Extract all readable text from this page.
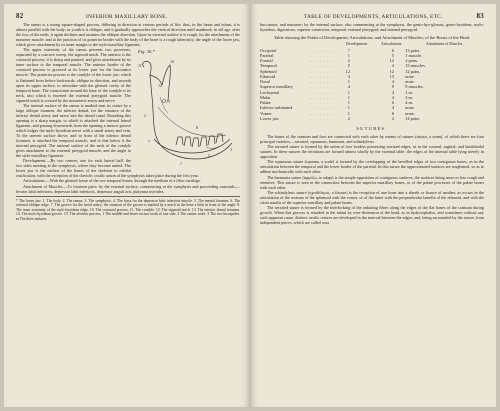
82	INFERIOR MAXILLARY BONE.

The ramus is a strong square-shaped process, differing in direction at various periods of life; thus, in the fœtus and infant, it is almost parallel with the body; in youth it is oblique, and it gradually approaches the vertical direction until manhood; in old age, after the loss of the teeth, it again declines and assumes the oblique direction. Upon its external surface it is rough, for the attachment of the masseter muscle; and at the junction of its posterior border with the body of the bone is a rough tuberosity, the angle of the lower jaw, which gives attachment by its inner margin to the stylo-maxillary ligament.

Fig. 36.*
11
10
12
13
2
7
1
3
8
5

The upper extremity of the ramus presents two processes, separated by a concave sweep, the sigmoid notch. The anterior is the coronoid process; it is sharp and pointed, and gives attachment by its inner surface to the temporal muscle. The anterior border of the coronoid process is grooved at its lower part for the buccinator muscle. The posterior process is the condyle of the lower jaw, which is flattened from before backwards, oblique in direction, and smooth upon its upper surface, to articulate with the glenoid cavity of the temporal bone. The constriction around the base of the condyle is its neck, into which is inserted the external pterygoid muscle. The sigmoid notch is crossed by the masseteric artery and nerve.

The internal surface of the ramus is marked near its centre by a large oblique foramen, the inferior dental, for the entrance of the inferior dental artery and nerve into the dental canal. Bounding this opening is a sharp margin, to which is attached the internal lateral ligament, and passing downwards from the opening a narrow groove which lodges the mylo-hyoidean nerve with a small artery and vein. To the uneven surface above, and in front of the inferior dental foramen, is attached the temporal muscle, and to that below it the internal pterygoid. The internal surface of the neck of the condyle gives attachment to the external pterygoid muscle; and the angle to the stylo-maxillary ligament.

Development.—By two centres; one for each lateral half, the two sides meeting at the symphysis, where they become united. The lower jaw is the earliest of the bones of the skeleton to exhibit ossification, with the exception of the clavicle; ossific union of the symphysis takes place during the first year.

Articulations.—With the glenoid fossæ of the two temporal bones, through the medium of a fibro-cartilage.

Attachment of Muscles.—To fourteen pairs: by the external surface, commencing at the symphysis and proceeding outwards,—levator labii inferioris, depressor labii inferioris, depressor anguli oris, platysma myoides,

* The lower jaw. 1. The body. 2. The ramus. 3. The symphysis. 4. The fossa for the depressor labii inferioris muscle. 5. The mental foramen. 6. The external oblique ridge. 7. The groove for the facial artery; the situation of the groove is marked by a notch in the bone a little in front of the angle. 8. The inner extremity of the mylo-hyoidean ridge. 10. The coronoid process. 11. The condyle. 12. The sigmoid notch. 13. The inferior dental foramen. 14. The mylo-hyoidean groove. 15. The alveolar process. 1 The middle and lesser incisor tooth of one side. 2 The canine tooth. 3 The two bicuspides. m The three molares.
TABLE OF DEVELOPMENTS, ARTICULATIONS, ETC.	83

buccinator, and masseter; by the internal surface, also commencing at the symphysis, the genio-hyo-glossus, genio-hyoideus, mylo-hyoideus, digastricus, superior constrictor, temporal, external pterygoid, and internal pterygoid.

Table showing the Points of Development, Articulations, and Attachment of Muscles, of the Bones of the Head.
		Development.		Articulations.		Attachment of Muscles.
Occipital	. . . . . . . .	7		6		13 pairs.
Parietal	. . . . . . . .	1		5		1 muscle.
Frontal	. . . . . . . .	2		12		2 pairs.
Temporal	. . . . . . . .	5		4		15 muscles.
Sphenoid	. . . . . . . .	12		12		12 pairs.
Ethmoid	. . . . . . . .	3		13		none.
Nasal	. . . . . . . .	1		4		none.
Superior maxillary	. . . . . . . .	4		9		9 muscles.
Lachrymal	. . . . . . . .	1		4		1 m.
Malar	. . . . . . . .	1		4		5 m.
Palate	. . . . . . . .	1		6		4 m.
Inferior turbinated	. . . . . . . .	1		4		none.
Vomer	. . . . . . . .	1		6		none.
Lower jaw	. . . . . . . .	2		2		14 pairs.
SUTURES.

The bones of the cranium and face are connected with each other by means of sutures (sutura, a seam), of which there are four principal varieties,—serrated, squamous, harmonia, and schindylesis.

The serrated suture is formed by the union of two borders possessing serrated edges, as in the coronal, sagittal, and lambdoidal sutures. In these sutures the serrations are formed almost wholly by the external table; the edges of the internal table lying merely in apposition.

The squamous suture (squama, a scale) is formed by the overlapping of the bevelled edges of two contiguous bones, as in the articulation between the temporal and the lower border of the parietal. In this suture the approximated surfaces are roughened, so as to adhere mechanically with each other.

The harmonia suture (ἁρμόζω, to adapt) is the simple apposition of contiguous surfaces, the surfaces being more or less rough and retentive. This suture is seen in the connection between the superior maxillary bones, or of the palate processes of the palate bones with each other.

The schindylesis suture (σχινδύλησις, a fissure) is the reception of one bone into a sheath or fissure of another, as occurs in the articulation of the rostrum of the sphenoid with the vomer, or of the latter with the perpendicular lamella of the ethmoid, and with the crista nasalis of the superior maxillary and palate bones.

The serrated suture is formed by the interlocking of the radiating fibres along the edges of the flat bones of the cranium during growth. When this process is retarded in the infant by over-distension of the head, as in hydrocephalus, and sometimes without any such apparent cause, distinct ossific centres are developed in the interval between the edges; and, being surrounded by the suture, from independent pieces, which are called ossa
